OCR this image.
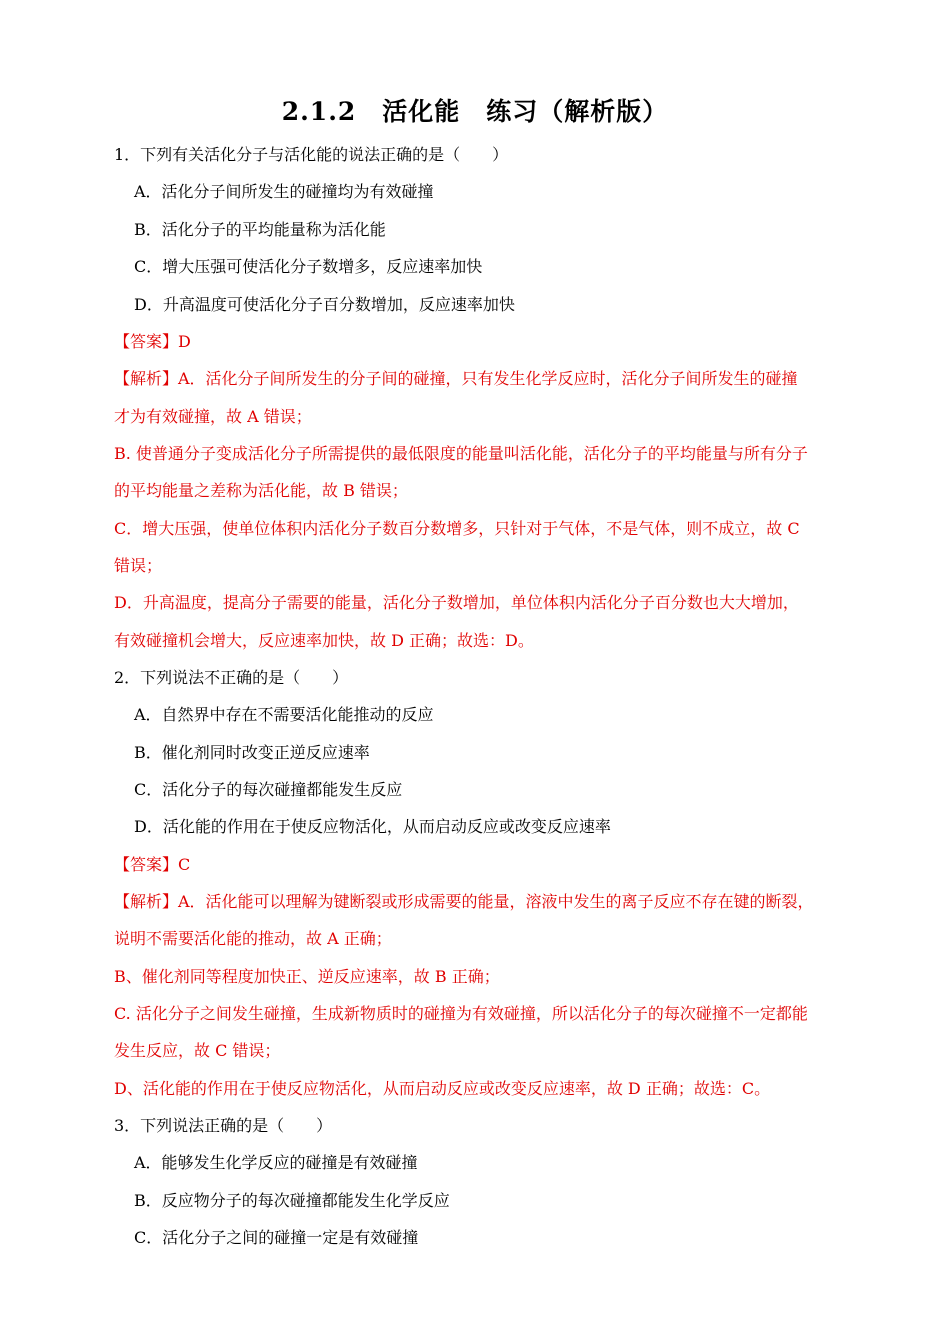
2.1.2　活化能　练习（解析版）
1．下列有关活化分子与活化能的说法正确的是（　　）
A．活化分子间所发生的碰撞均为有效碰撞
B．活化分子的平均能量称为活化能
C．增大压强可使活化分子数增多，反应速率加快
D．升高温度可使活化分子百分数增加，反应速率加快
【答案】D
【解析】A．活化分子间所发生的分子间的碰撞，只有发生化学反应时，活化分子间所发生的碰撞
才为有效碰撞，故 A 错误；
B. 使普通分子变成活化分子所需提供的最低限度的能量叫活化能，活化分子的平均能量与所有分子
的平均能量之差称为活化能，故 B 错误；
C．增大压强，使单位体积内活化分子数百分数增多，只针对于气体，不是气体，则不成立，故 C
错误；
D．升高温度，提高分子需要的能量，活化分子数增加，单位体积内活化分子百分数也大大增加，
有效碰撞机会增大，反应速率加快，故 D 正确；故选：D。
2．下列说法不正确的是（　　）
A．自然界中存在不需要活化能推动的反应
B．催化剂同时改变正逆反应速率
C．活化分子的每次碰撞都能发生反应
D．活化能的作用在于使反应物活化，从而启动反应或改变反应速率
【答案】C
【解析】A．活化能可以理解为键断裂或形成需要的能量，溶液中发生的离子反应不存在键的断裂，
说明不需要活化能的推动，故 A 正确；
B、催化剂同等程度加快正、逆反应速率，故 B 正确；
C. 活化分子之间发生碰撞，生成新物质时的碰撞为有效碰撞，所以活化分子的每次碰撞不一定都能
发生反应，故 C 错误；
D、活化能的作用在于使反应物活化，从而启动反应或改变反应速率，故 D 正确；故选：C。
3．下列说法正确的是（　　）
A．能够发生化学反应的碰撞是有效碰撞
B．反应物分子的每次碰撞都能发生化学反应
C．活化分子之间的碰撞一定是有效碰撞
